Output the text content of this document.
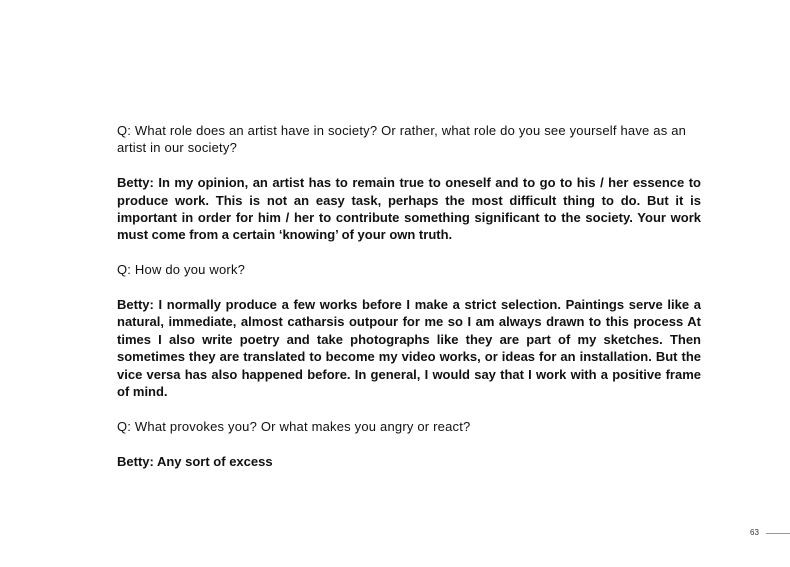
Q: What role does an artist have in society? Or rather, what role do you see yourself have as an artist in our society?

Betty: In my opinion, an artist has to remain true to oneself and to go to his / her essence to produce work. This is not an easy task, perhaps the most difficult thing to do. But it is important in order for him / her to contribute something significant to the society. Your work must come from a certain ‘knowing’ of your own truth.

Q: How do you work?

Betty: I normally produce a few works before I make a strict selection. Paintings serve like a natural, immediate, almost catharsis outpour for me so I am always drawn to this process At times I also write poetry and take photographs like they are part of my sketches. Then sometimes they are translated to become my video works, or ideas for an installation. But the vice versa has also happened before. In general, I would say that I work with a positive frame of mind.

Q: What provokes you? Or what makes you angry or react?

Betty: Any sort of excess

63
